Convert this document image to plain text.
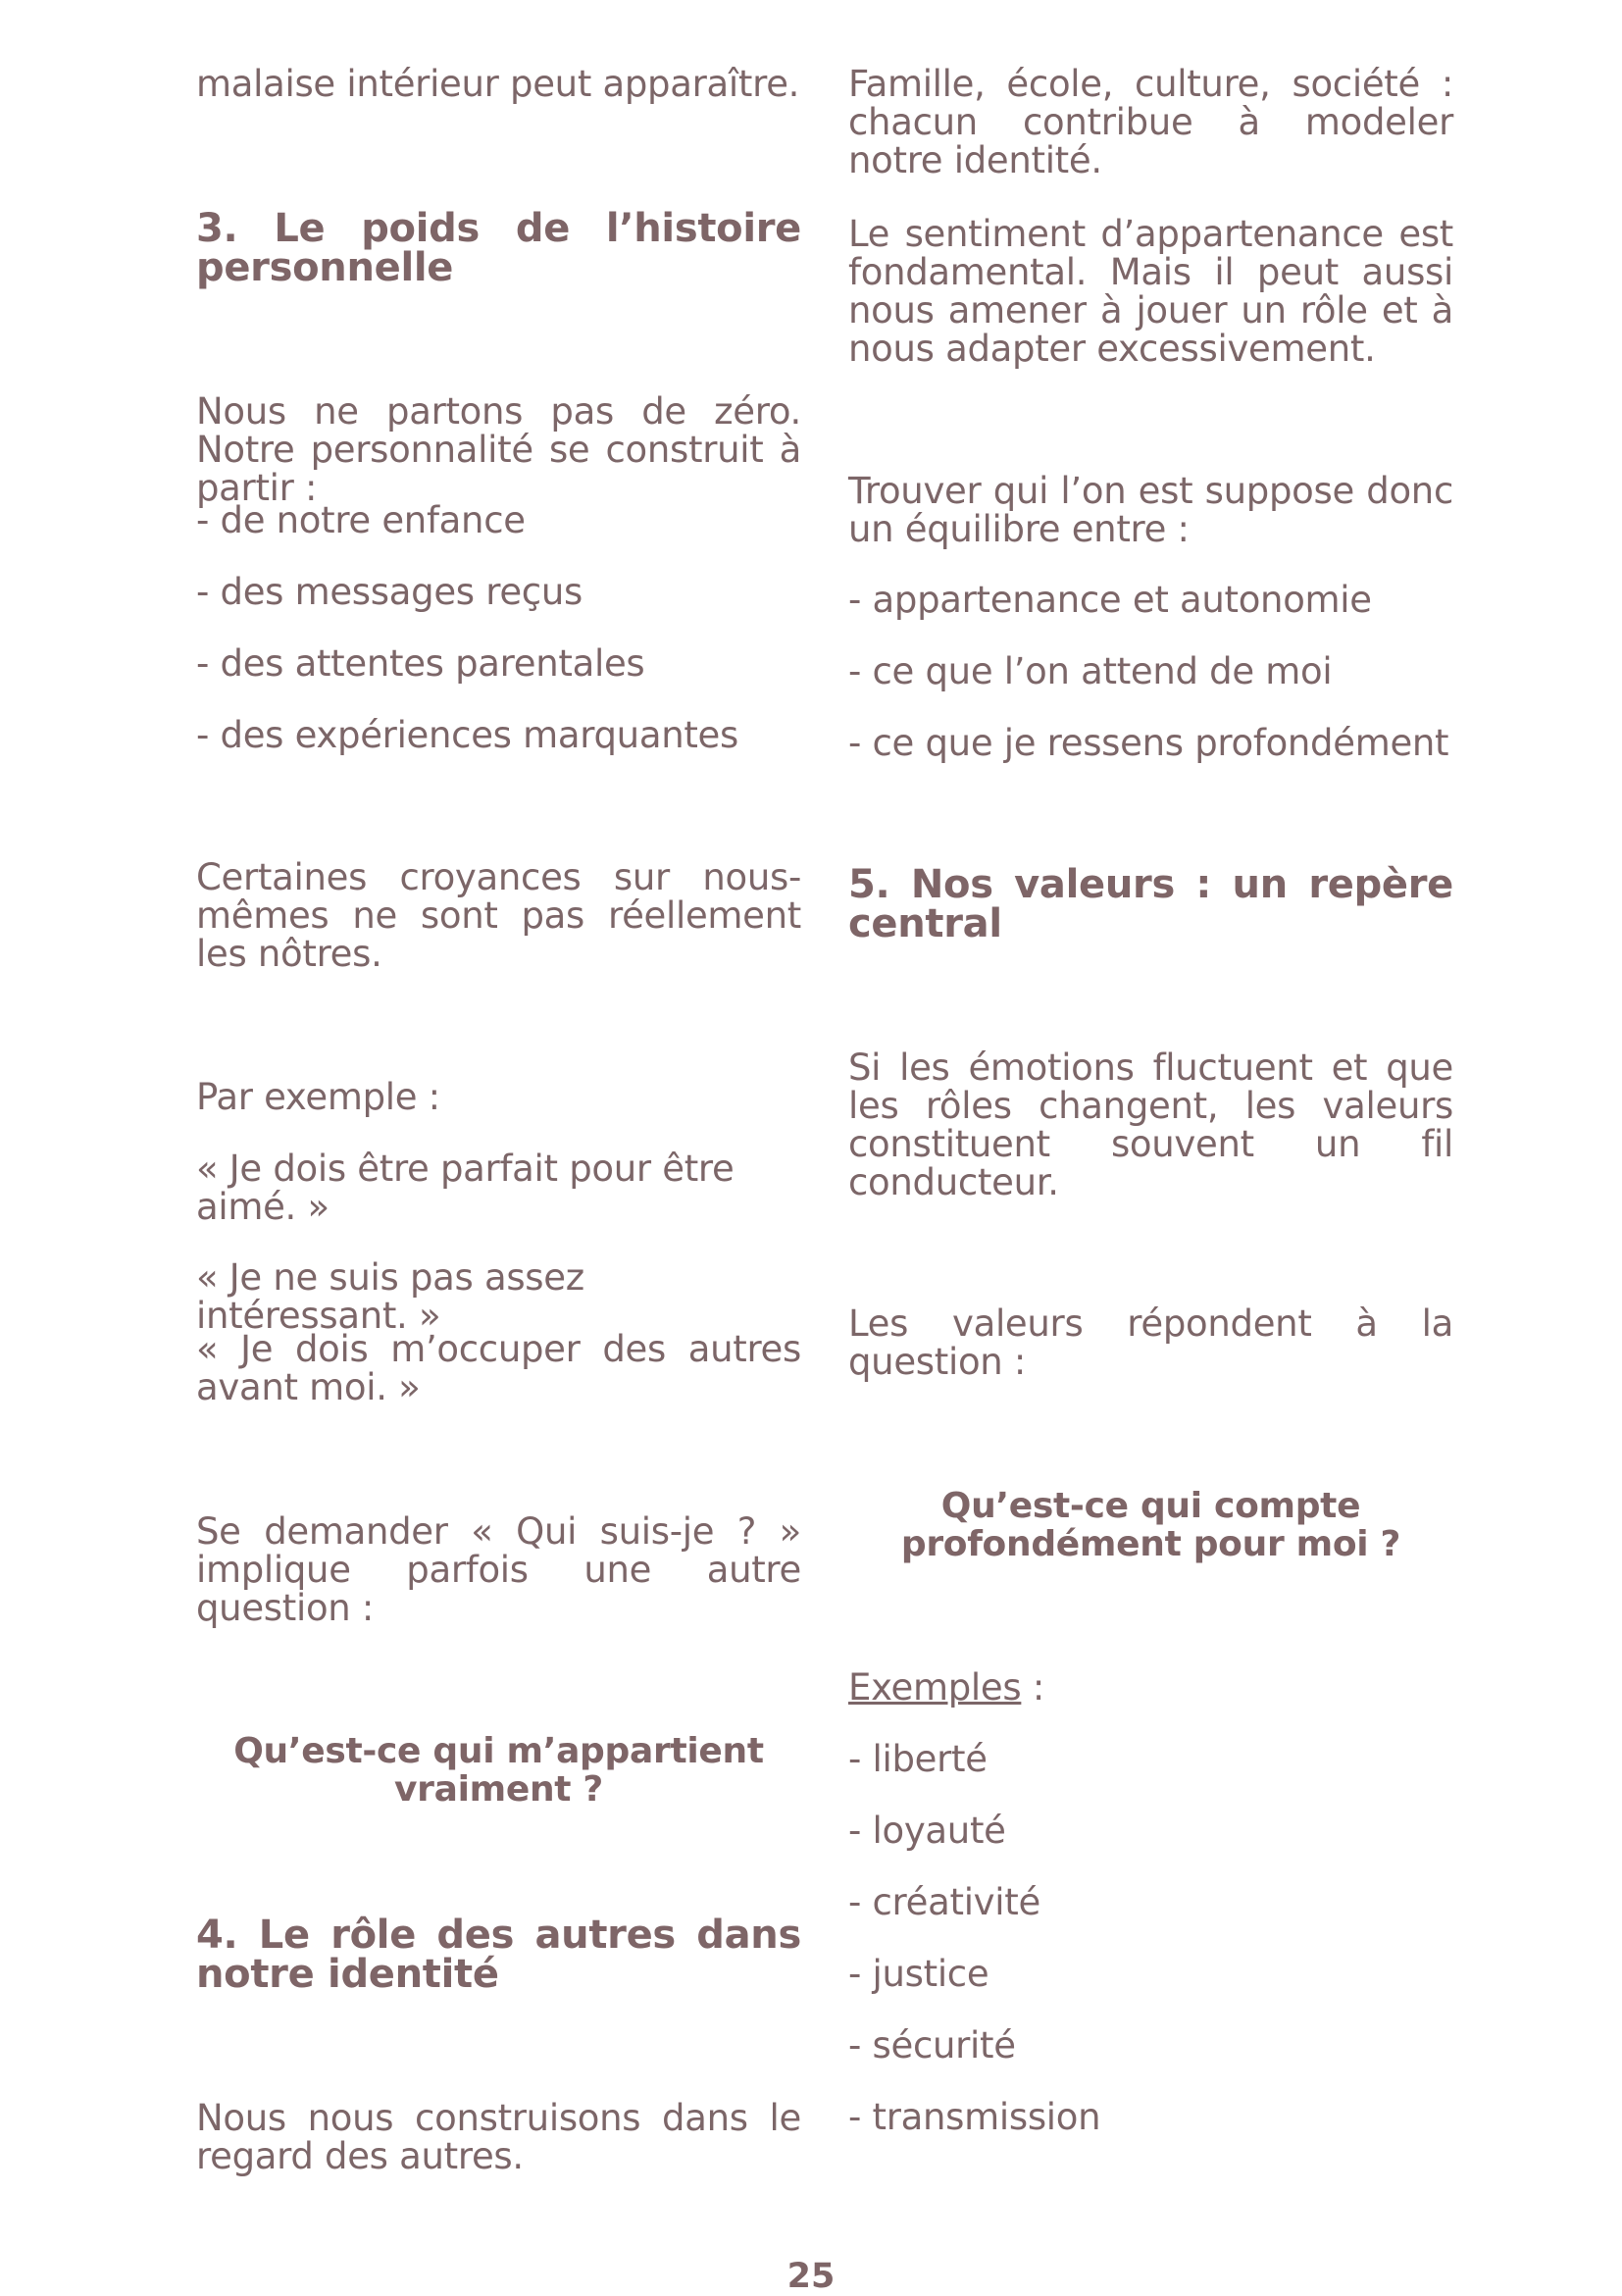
malaise intérieur peut apparaître.

3. Le poids de l’histoire personnelle

Nous ne partons pas de zéro. Notre personnalité se construit à partir :

- de notre enfance

- des messages reçus

- des attentes parentales

- des expériences marquantes

Certaines croyances sur nous-mêmes ne sont pas réellement les nôtres.

Par exemple :

« Je dois être parfait pour être aimé. »

« Je ne suis pas assez intéressant. »

« Je dois m’occuper des autres avant moi. »

Se demander « Qui suis-je ? » implique parfois une autre question :

Qu’est-ce qui m’appartient vraiment ?

4. Le rôle des autres dans notre identité

Nous nous construisons dans le regard des autres.

Famille, école, culture, société : chacun contribue à modeler notre identité.

Le sentiment d’appartenance est fondamental. Mais il peut aussi nous amener à jouer un rôle et à nous adapter excessivement.

Trouver qui l’on est suppose donc un équilibre entre :

- appartenance et autonomie

- ce que l’on attend de moi

- ce que je ressens profondément

5. Nos valeurs : un repère central

Si les émotions fluctuent et que les rôles changent, les valeurs constituent souvent un fil conducteur.

Les valeurs répondent à la question :

Qu’est-ce qui compte profondément pour moi ?

Exemples :

- liberté

- loyauté

- créativité

- justice

- sécurité

- transmission

25
